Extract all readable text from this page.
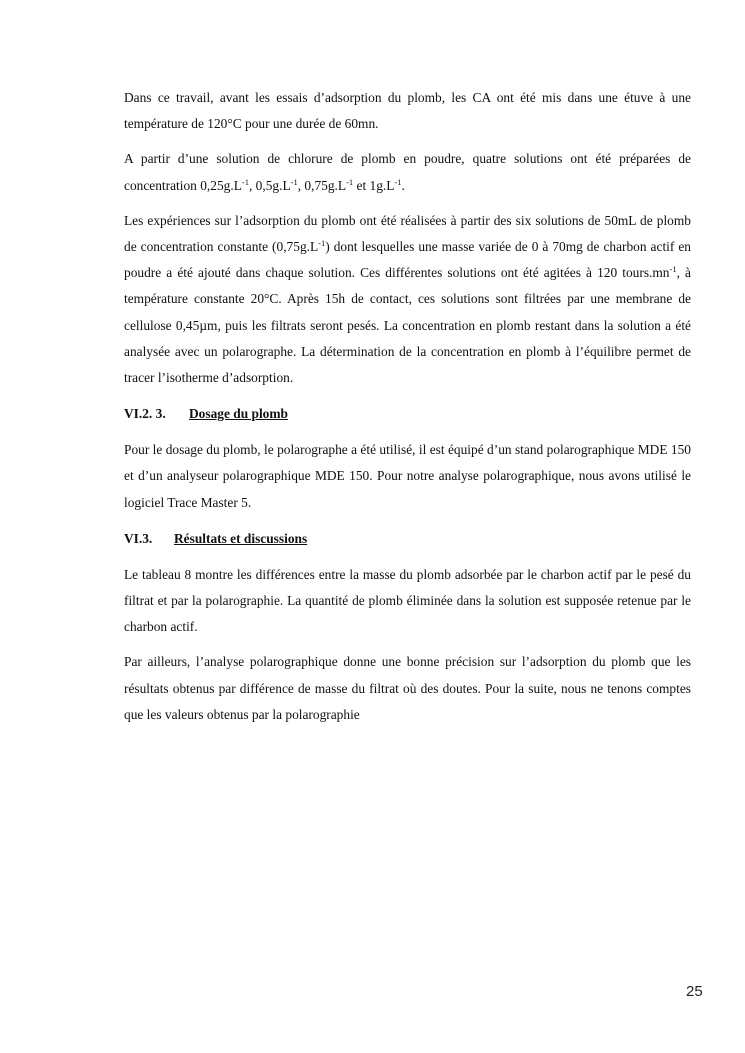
Dans ce travail, avant les essais d’adsorption du plomb, les CA ont été mis dans une étuve à une température de 120°C pour une durée de 60mn.

A partir d’une solution de chlorure de plomb en poudre, quatre solutions ont été préparées de concentration $0,25g.L^{-1}$, $0,5g.L^{-1}$, $0,75g.L^{-1}$ et $1g.L^{-1}$.

Les expériences sur l’adsorption du plomb ont été réalisées à partir des six solutions de 50mL de plomb de concentration constante $(0,75g.L^{-1})$ dont lesquelles une masse variée de 0 à 70mg de charbon actif en poudre a été ajouté dans chaque solution. Ces différentes solutions ont été agitées à 120 $tours.mn^{-1}$, à température constante 20°C. Après 15h de contact, ces solutions sont filtrées par une membrane de cellulose 0,45µm, puis les filtrats seront pesés. La concentration en plomb restant dans la solution a été analysée avec un polarographe. La détermination de la concentration en plomb à l’équilibre permet de tracer l’isotherme d’adsorption.

VI.2. 3.	Dosage du plomb

Pour le dosage du plomb, le polarographe a été utilisé, il est équipé d’un stand polarographique MDE 150 et d’un analyseur polarographique MDE 150. Pour notre analyse polarographique, nous avons utilisé le logiciel Trace Master 5.

VI.3.	Résultats et discussions

Le tableau 8 montre les différences entre la masse du plomb adsorbée par le charbon actif par le pesé du filtrat et par la polarographie. La quantité de plomb éliminée dans la solution est supposée retenue par le charbon actif.

Par ailleurs, l’analyse polarographique donne une bonne précision sur l’adsorption du plomb que les résultats obtenus par différence de masse du filtrat où des doutes. Pour la suite, nous ne tenons comptes que les valeurs obtenus par la polarographie

25
